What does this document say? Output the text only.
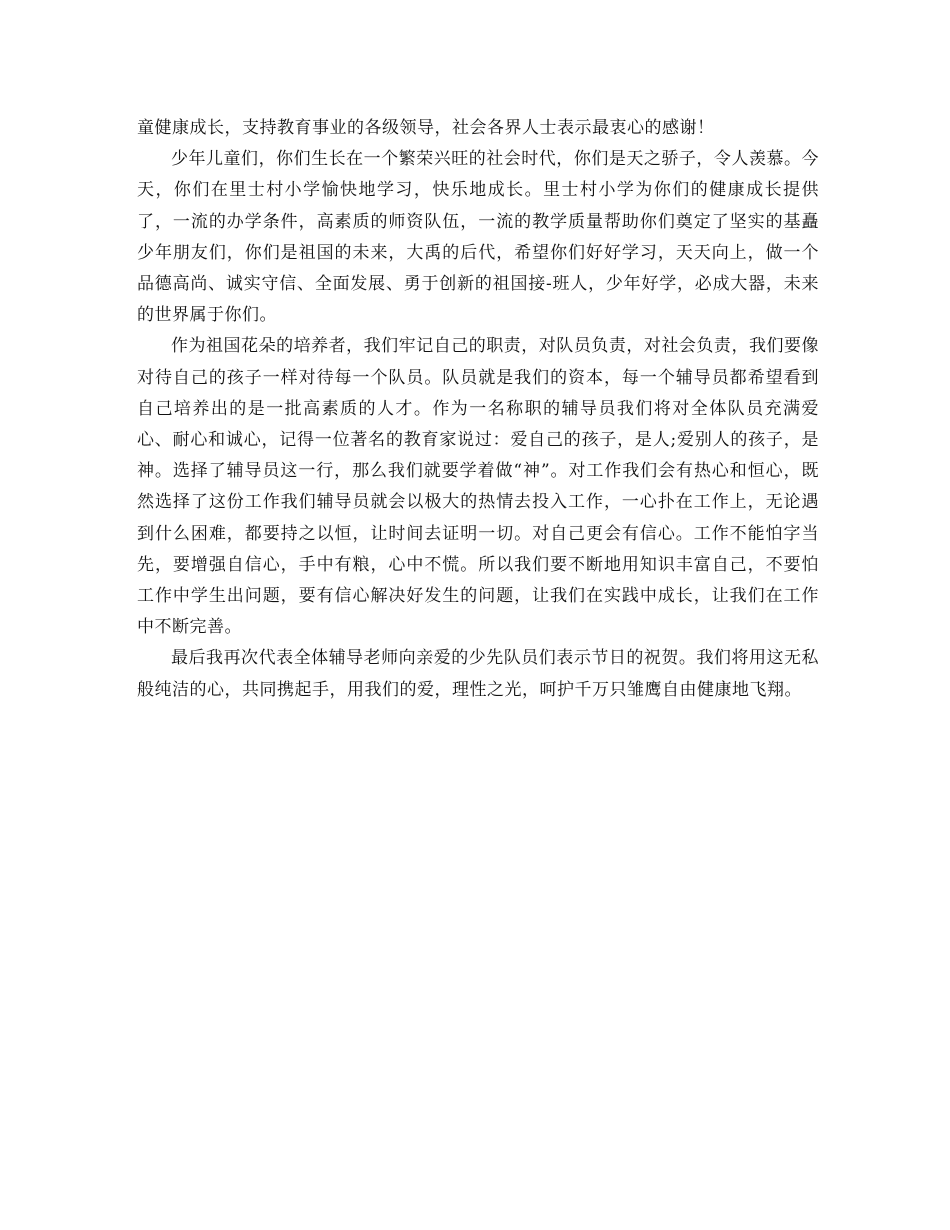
童健康成长，支持教育事业的各级领导，社会各界人士表示最衷心的感谢！

少年儿童们，你们生长在一个繁荣兴旺的社会时代，你们是天之骄子，令人羡慕。今天，你们在里士村小学愉快地学习，快乐地成长。里士村小学为你们的健康成长提供了，一流的办学条件，高素质的师资队伍，一流的教学质量帮助你们奠定了坚实的基矗少年朋友们，你们是祖国的未来，大禹的后代，希望你们好好学习，天天向上，做一个品德高尚、诚实守信、全面发展、勇于创新的祖国接-班人，少年好学，必成大器，未来的世界属于你们。

作为祖国花朵的培养者，我们牢记自己的职责，对队员负责，对社会负责，我们要像对待自己的孩子一样对待每一个队员。队员就是我们的资本，每一个辅导员都希望看到自己培养出的是一批高素质的人才。作为一名称职的辅导员我们将对全体队员充满爱心、耐心和诚心，记得一位著名的教育家说过：爱自己的孩子，是人;爱别人的孩子，是神。选择了辅导员这一行，那么我们就要学着做“神”。对工作我们会有热心和恒心，既然选择了这份工作我们辅导员就会以极大的热情去投入工作，一心扑在工作上，无论遇到什么困难，都要持之以恒，让时间去证明一切。对自己更会有信心。工作不能怕字当先，要增强自信心，手中有粮，心中不慌。所以我们要不断地用知识丰富自己，不要怕工作中学生出问题，要有信心解决好发生的问题，让我们在实践中成长，让我们在工作中不断完善。

最后我再次代表全体辅导老师向亲爱的少先队员们表示节日的祝贺。我们将用这无私般纯洁的心，共同携起手，用我们的爱，理性之光，呵护千万只雏鹰自由健康地飞翔。
